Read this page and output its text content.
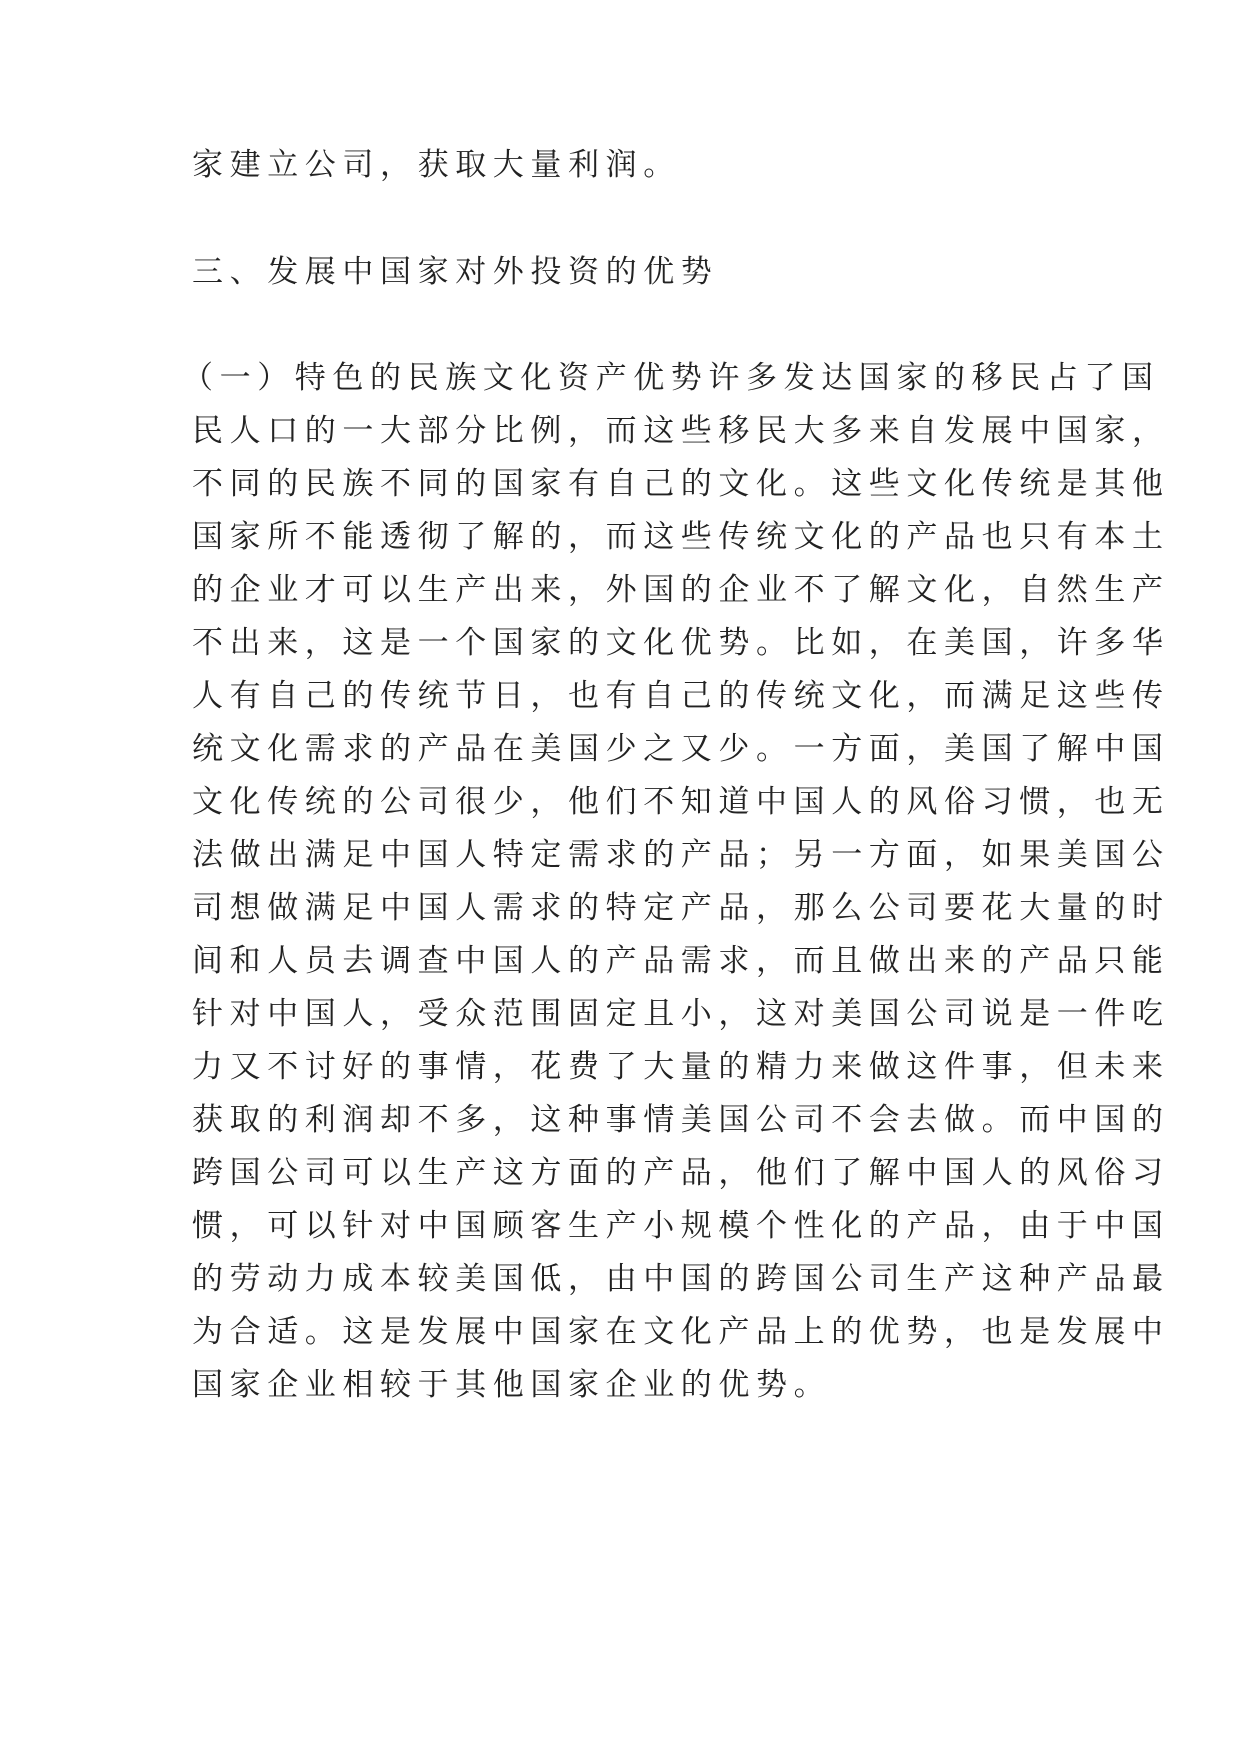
家建立公司，获取大量利润。
三、发展中国家对外投资的优势
（一）特色的民族文化资产优势许多发达国家的移民占了国
民人口的一大部分比例，而这些移民大多来自发展中国家，
不同的民族不同的国家有自己的文化。这些文化传统是其他
国家所不能透彻了解的，而这些传统文化的产品也只有本土
的企业才可以生产出来，外国的企业不了解文化，自然生产
不出来，这是一个国家的文化优势。比如，在美国，许多华
人有自己的传统节日，也有自己的传统文化，而满足这些传
统文化需求的产品在美国少之又少。一方面，美国了解中国
文化传统的公司很少，他们不知道中国人的风俗习惯，也无
法做出满足中国人特定需求的产品；另一方面，如果美国公
司想做满足中国人需求的特定产品，那么公司要花大量的时
间和人员去调查中国人的产品需求，而且做出来的产品只能
针对中国人，受众范围固定且小，这对美国公司说是一件吃
力又不讨好的事情，花费了大量的精力来做这件事，但未来
获取的利润却不多，这种事情美国公司不会去做。而中国的
跨国公司可以生产这方面的产品，他们了解中国人的风俗习
惯，可以针对中国顾客生产小规模个性化的产品，由于中国
的劳动力成本较美国低，由中国的跨国公司生产这种产品最
为合适。这是发展中国家在文化产品上的优势，也是发展中
国家企业相较于其他国家企业的优势。
